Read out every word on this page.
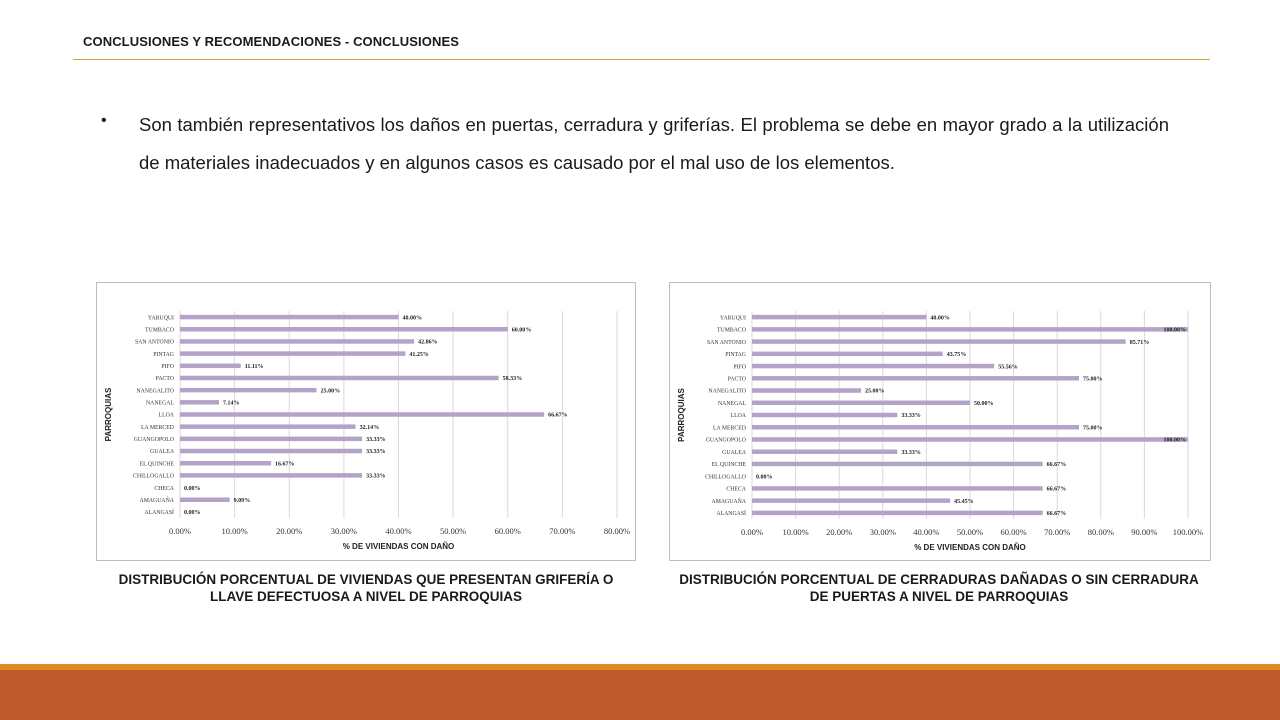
CONCLUSIONES Y RECOMENDACIONES - CONCLUSIONES
• Son también representativos los daños en puertas, cerradura y griferías. El problema se debe en mayor grado a la utilización de materiales inadecuados y en algunos casos es causado por el mal uso de los elementos.
0.00%	10.00%	20.00%	30.00%	40.00%	50.00%	60.00%	70.00%	80.00%
YARUQUI	40.00%
TUMBACO	60.00%
SAN ANTONIO	42.86%
PINTAG	41.25%
PIFO	11.11%
PACTO	58.33%
NANEGALITO	25.00%
NANEGAL	7.14%
LLOA	66.67%
LA MERCED	32.14%
GUANGOPOLO	33.33%
GUALEA	33.33%
EL QUINCHE	16.67%
CHILLOGALLO	33.33%
CHECA 0.00%
AMAGUAÑA	9.09%
ALANGASÍ 0.00%
% DE VIVIENDAS CON DAÑO
PARROQUIAS
0.00% 10.00% 20.00% 30.00% 40.00% 50.00% 60.00% 70.00% 80.00% 90.00% 100.00%
YARUQUI	40.00%
TUMBACO	100.00%
SAN ANTONIO	85.71%
PINTAG	43.75%
PIFO	55.56%
PACTO	75.00%
NANEGALITO	25.00%
NANEGAL	50.00%
LLOA	33.33%
LA MERCED	75.00%
GUANGOPOLO	100.00%
GUALEA	33.33%
EL QUINCHE	66.67%
CHILLOGALLO 0.00%
CHECA	66.67%
AMAGUAÑA	45.45%
ALANGASÍ	66.67%
% DE VIVIENDAS CON DAÑO
PARROQUIAS
DISTRIBUCIÓN PORCENTUAL DE VIVIENDAS QUE PRESENTAN GRIFERÍA O LLAVE DEFECTUOSA A NIVEL DE PARROQUIAS
DISTRIBUCIÓN PORCENTUAL DE CERRADURAS DAÑADAS O SIN CERRADURA DE PUERTAS A NIVEL DE PARROQUIAS
